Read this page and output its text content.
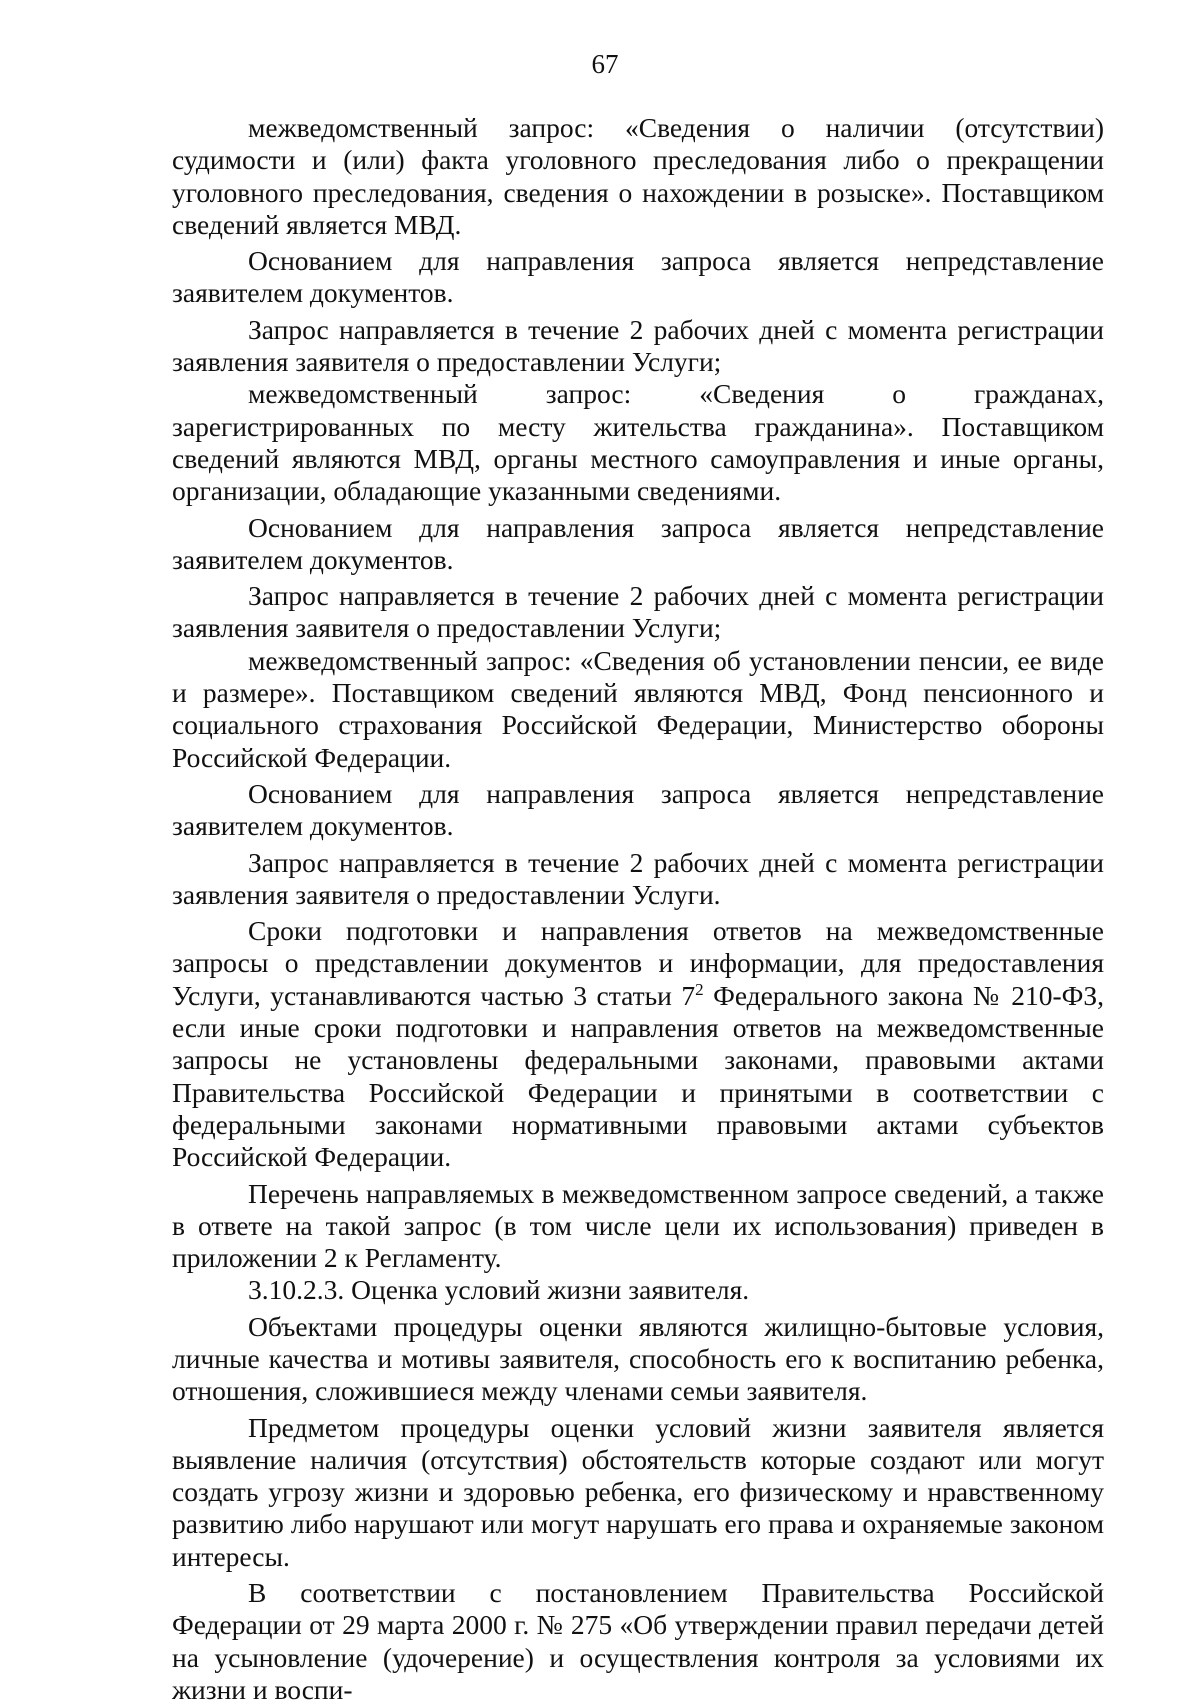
67

межведомственный запрос: «Сведения о наличии (отсутствии) судимости и (или) факта уголовного преследования либо о прекращении уголовного преследования, сведения о нахождении в розыске». Поставщиком сведений является МВД.

Основанием для направления запроса является непредставление заявителем документов.

Запрос направляется в течение 2 рабочих дней с момента регистрации заявления заявителя о предоставлении Услуги;

межведомственный запрос: «Сведения о гражданах, зарегистрированных по месту жительства гражданина». Поставщиком сведений являются МВД, органы местного самоуправления и иные органы, организации, обладающие указанными сведениями.

Основанием для направления запроса является непредставление заявителем документов.

Запрос направляется в течение 2 рабочих дней с момента регистрации заявления заявителя о предоставлении Услуги;

межведомственный запрос: «Сведения об установлении пенсии, ее виде и размере». Поставщиком сведений являются МВД, Фонд пенсионного и социального страхования Российской Федерации, Министерство обороны Российской Федерации.

Основанием для направления запроса является непредставление заявителем документов.

Запрос направляется в течение 2 рабочих дней с момента регистрации заявления заявителя о предоставлении Услуги.

Сроки подготовки и направления ответов на межведомственные запросы о представлении документов и информации, для предоставления Услуги, устанавливаются частью 3 статьи $7^2$ Федерального закона № 210-ФЗ, если иные сроки подготовки и направления ответов на межведомственные запросы не установлены федеральными законами, правовыми актами Правительства Российской Федерации и принятыми в соответствии с федеральными законами нормативными правовыми актами субъектов Российской Федерации.

Перечень направляемых в межведомственном запросе сведений, а также в ответе на такой запрос (в том числе цели их использования) приведен в приложении 2 к Регламенту.

3.10.2.3. Оценка условий жизни заявителя.

Объектами процедуры оценки являются жилищно-бытовые условия, личные качества и мотивы заявителя, способность его к воспитанию ребенка, отношения, сложившиеся между членами семьи заявителя.

Предметом процедуры оценки условий жизни заявителя является выявление наличия (отсутствия) обстоятельств которые создают или могут создать угрозу жизни и здоровью ребенка, его физическому и нравственному развитию либо нарушают или могут нарушать его права и охраняемые законом интересы.

В соответствии с постановлением Правительства Российской Федерации от 29 марта 2000 г. № 275 «Об утверждении правил передачи детей на усыновление (удочерение) и осуществления контроля за условиями их жизни и воспи-
